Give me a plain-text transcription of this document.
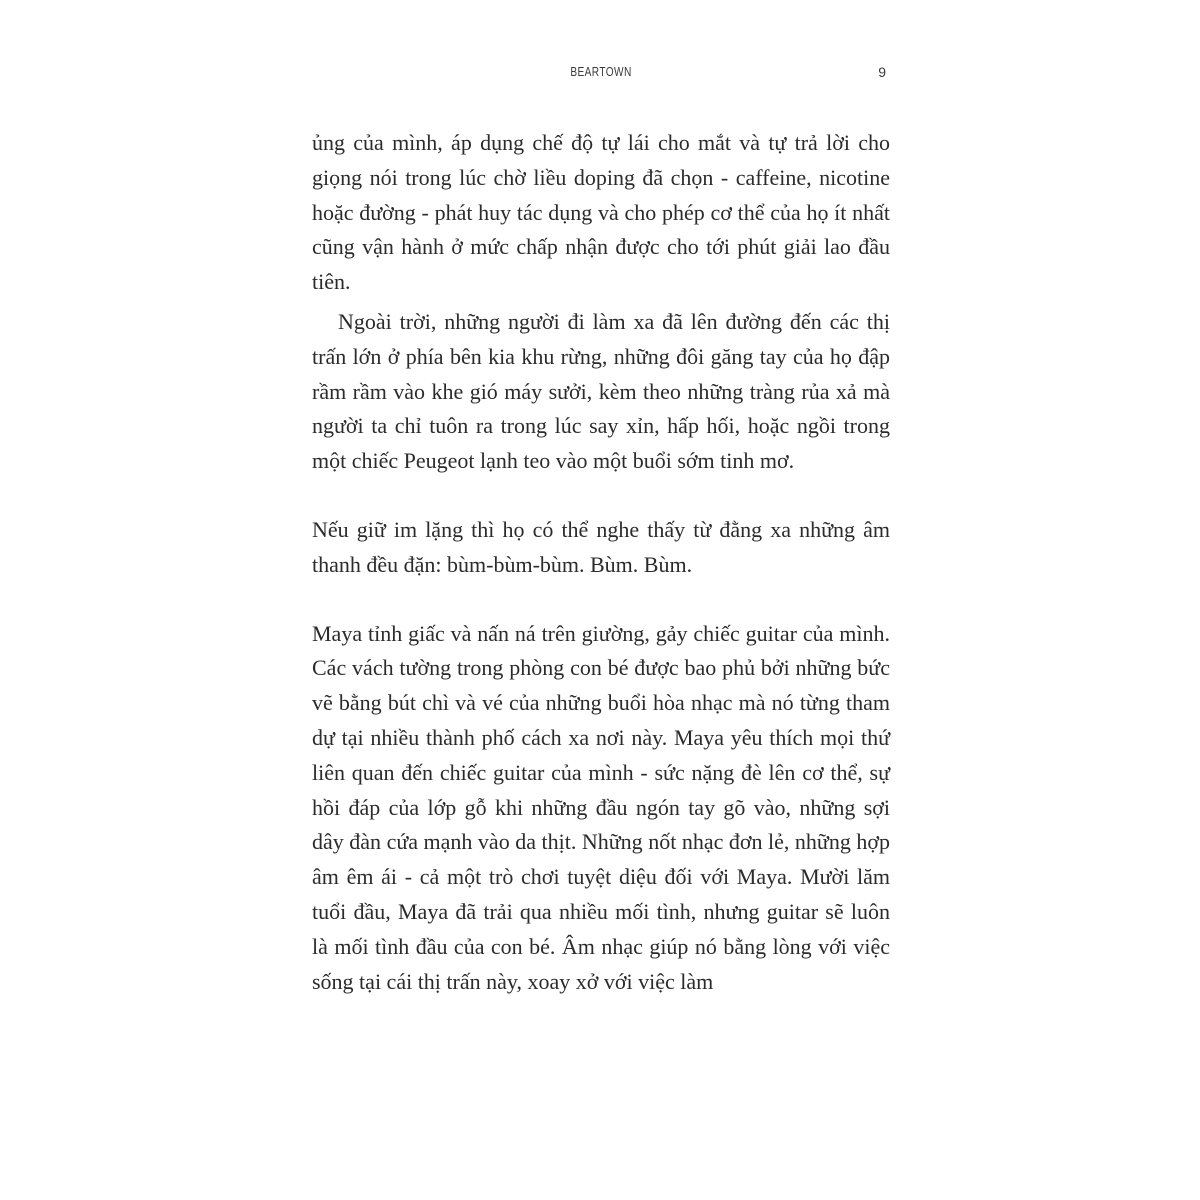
BEARTOWN	9

ủng của mình, áp dụng chế độ tự lái cho mắt và tự trả lời cho giọng nói trong lúc chờ liều doping đã chọn - caffeine, nicotine hoặc đường - phát huy tác dụng và cho phép cơ thể của họ ít nhất cũng vận hành ở mức chấp nhận được cho tới phút giải lao đầu tiên.

Ngoài trời, những người đi làm xa đã lên đường đến các thị trấn lớn ở phía bên kia khu rừng, những đôi găng tay của họ đập rầm rầm vào khe gió máy sưởi, kèm theo những tràng rủa xả mà người ta chỉ tuôn ra trong lúc say xỉn, hấp hối, hoặc ngồi trong một chiếc Peugeot lạnh teo vào một buổi sớm tinh mơ.

Nếu giữ im lặng thì họ có thể nghe thấy từ đằng xa những âm thanh đều đặn: bùm-bùm-bùm. Bùm. Bùm.

Maya tỉnh giấc và nấn ná trên giường, gảy chiếc guitar của mình. Các vách tường trong phòng con bé được bao phủ bởi những bức vẽ bằng bút chì và vé của những buổi hòa nhạc mà nó từng tham dự tại nhiều thành phố cách xa nơi này. Maya yêu thích mọi thứ liên quan đến chiếc guitar của mình - sức nặng đè lên cơ thể, sự hồi đáp của lớp gỗ khi những đầu ngón tay gõ vào, những sợi dây đàn cứa mạnh vào da thịt. Những nốt nhạc đơn lẻ, những hợp âm êm ái - cả một trò chơi tuyệt diệu đối với Maya. Mười lăm tuổi đầu, Maya đã trải qua nhiều mối tình, nhưng guitar sẽ luôn là mối tình đầu của con bé. Âm nhạc giúp nó bằng lòng với việc sống tại cái thị trấn này, xoay xở với việc làm
